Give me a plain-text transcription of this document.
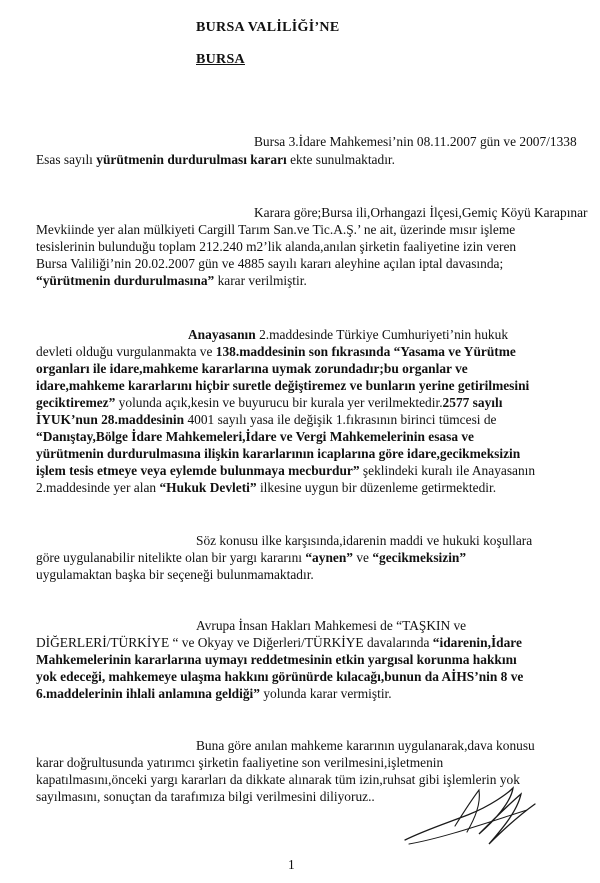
BURSA VALİLİĞİ’NE
BURSA
Bursa 3.İdare Mahkemesi’nin 08.11.2007 gün ve 2007/1338
Esas sayılı yürütmenin durdurulması kararı ekte sunulmaktadır.
Karara göre;Bursa ili,Orhangazi İlçesi,Gemiç Köyü Karapınar
Mevkiinde yer alan mülkiyeti Cargill Tarım San.ve Tic.A.Ş.’ ne ait, üzerinde mısır işleme
tesislerinin bulunduğu toplam 212.240 m2’lik alanda,anılan şirketin faaliyetine izin veren
Bursa Valiliği’nin 20.02.2007 gün ve 4885 sayılı kararı aleyhine açılan iptal davasında;
“yürütmenin durdurulmasına” karar verilmiştir.
Anayasanın 2.maddesinde Türkiye Cumhuriyeti’nin hukuk
devleti olduğu vurgulanmakta ve 138.maddesinin son fıkrasında “Yasama ve Yürütme
organları ile idare,mahkeme kararlarına uymak zorundadır;bu organlar ve
idare,mahkeme kararlarını hiçbir suretle değiştiremez ve bunların yerine getirilmesini
geciktiremez” yolunda açık,kesin ve buyurucu bir kurala yer verilmektedir.2577 sayılı
İYUK’nun 28.maddesinin 4001 sayılı yasa ile değişik 1.fıkrasının birinci tümcesi de
“Danıştay,Bölge İdare Mahkemeleri,İdare ve Vergi Mahkemelerinin esasa ve
yürütmenin durdurulmasına ilişkin kararlarının icaplarına göre idare,gecikmeksizin
işlem tesis etmeye veya eylemde bulunmaya mecburdur” şeklindeki kuralı ile Anayasanın
2.maddesinde yer alan “Hukuk Devleti” ilkesine uygun bir düzenleme getirmektedir.
Söz konusu ilke karşısında,idarenin maddi ve hukuki koşullara
göre uygulanabilir nitelikte olan bir yargı kararını “aynen” ve “gecikmeksizin”
uygulamaktan başka bir seçeneği bulunmamaktadır.
Avrupa İnsan Hakları Mahkemesi de “TAŞKIN ve
DİĞERLERİ/TÜRKİYE “ ve Okyay ve Diğerleri/TÜRKİYE davalarında “idarenin,İdare
Mahkemelerinin kararlarına uymayı reddetmesinin etkin yargısal korunma hakkını
yok edeceği, mahkemeye ulaşma hakkını görünürde kılacağı,bunun da AİHS’nin 8 ve
6.maddelerinin ihlali anlamına geldiği” yolunda karar vermiştir.
Buna göre anılan mahkeme kararının uygulanarak,dava konusu
karar doğrultusunda yatırımcı şirketin faaliyetine son verilmesini,işletmenin
kapatılmasını,önceki yargı kararları da dikkate alınarak tüm izin,ruhsat gibi işlemlerin yok
sayılmasını, sonuçtan da tarafımıza bilgi verilmesini diliyoruz..
1
